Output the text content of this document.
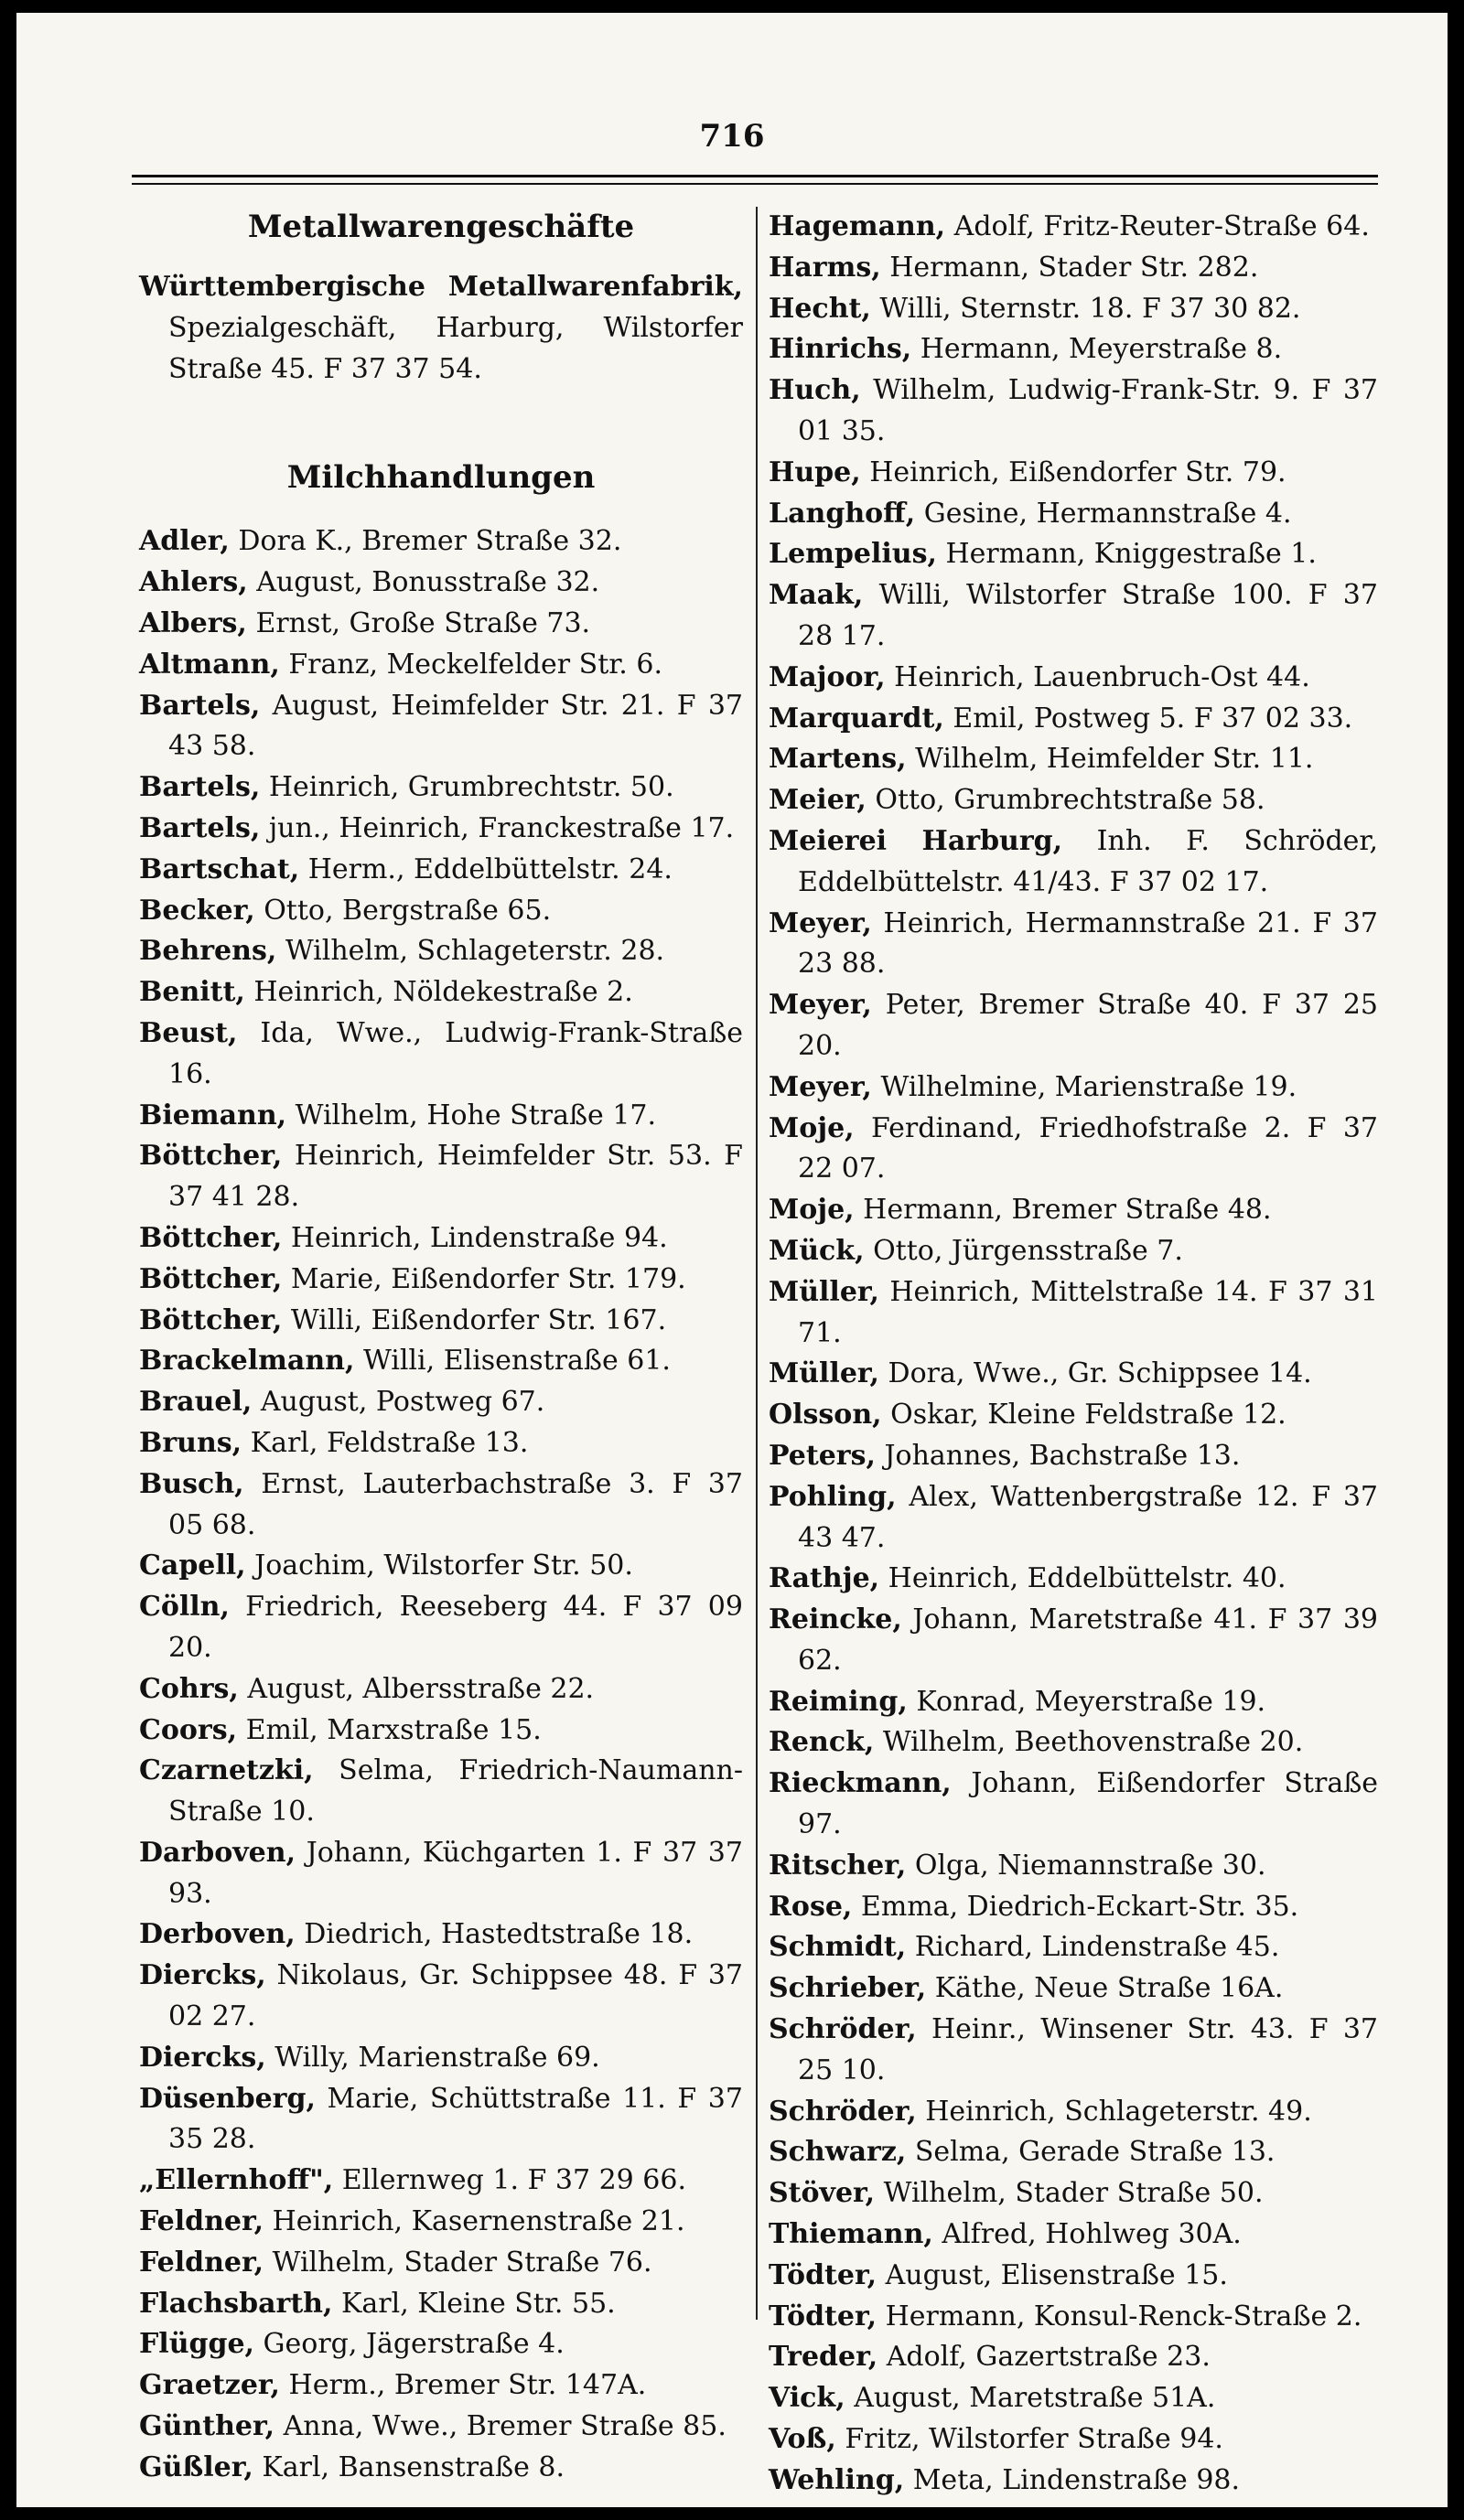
716
Metallwarengeschäfte
Württembergische Metallwarenfabrik, Spezialgeschäft, Harburg, Wilstorfer Straße 45. F 37 37 54.
Milchhandlungen
Adler, Dora K., Bremer Straße 32.
Ahlers, August, Bonusstraße 32.
Albers, Ernst, Große Straße 73.
Altmann, Franz, Meckelfelder Str. 6.
Bartels, August, Heimfelder Str. 21. F 37 43 58.
Bartels, Heinrich, Grumbrechtstr. 50.
Bartels, jun., Heinrich, Franckestraße 17.
Bartschat, Herm., Eddelbüttelstr. 24.
Becker, Otto, Bergstraße 65.
Behrens, Wilhelm, Schlageterstr. 28.
Benitt, Heinrich, Nöldekestraße 2.
Beust, Ida, Wwe., Ludwig-Frank-Straße 16.
Biemann, Wilhelm, Hohe Straße 17.
Böttcher, Heinrich, Heimfelder Str. 53. F 37 41 28.
Böttcher, Heinrich, Lindenstraße 94.
Böttcher, Marie, Eißendorfer Str. 179.
Böttcher, Willi, Eißendorfer Str. 167.
Brackelmann, Willi, Elisenstraße 61.
Brauel, August, Postweg 67.
Bruns, Karl, Feldstraße 13.
Busch, Ernst, Lauterbachstraße 3. F 37 05 68.
Capell, Joachim, Wilstorfer Str. 50.
Cölln, Friedrich, Reeseberg 44. F 37 09 20.
Cohrs, August, Albersstraße 22.
Coors, Emil, Marxstraße 15.
Czarnetzki, Selma, Friedrich-Naumann-Straße 10.
Darboven, Johann, Küchgarten 1. F 37 37 93.
Derboven, Diedrich, Hastedtstraße 18.
Diercks, Nikolaus, Gr. Schippsee 48. F 37 02 27.
Diercks, Willy, Marienstraße 69.
Düsenberg, Marie, Schüttstraße 11. F 37 35 28.
„Ellernhoff", Ellernweg 1. F 37 29 66.
Feldner, Heinrich, Kasernenstraße 21.
Feldner, Wilhelm, Stader Straße 76.
Flachsbarth, Karl, Kleine Str. 55.
Flügge, Georg, Jägerstraße 4.
Graetzer, Herm., Bremer Str. 147A.
Günther, Anna, Wwe., Bremer Straße 85.
Güßler, Karl, Bansenstraße 8.
Hagemann, Adolf, Fritz-Reuter-Straße 64.
Harms, Hermann, Stader Str. 282.
Hecht, Willi, Sternstr. 18. F 37 30 82.
Hinrichs, Hermann, Meyerstraße 8.
Huch, Wilhelm, Ludwig-Frank-Str. 9. F 37 01 35.
Hupe, Heinrich, Eißendorfer Str. 79.
Langhoff, Gesine, Hermannstraße 4.
Lempelius, Hermann, Kniggestraße 1.
Maak, Willi, Wilstorfer Straße 100. F 37 28 17.
Majoor, Heinrich, Lauenbruch-Ost 44.
Marquardt, Emil, Postweg 5. F 37 02 33.
Martens, Wilhelm, Heimfelder Str. 11.
Meier, Otto, Grumbrechtstraße 58.
Meierei Harburg, Inh. F. Schröder, Eddelbüttelstr. 41/43. F 37 02 17.
Meyer, Heinrich, Hermannstraße 21. F 37 23 88.
Meyer, Peter, Bremer Straße 40. F 37 25 20.
Meyer, Wilhelmine, Marienstraße 19.
Moje, Ferdinand, Friedhofstraße 2. F 37 22 07.
Moje, Hermann, Bremer Straße 48.
Mück, Otto, Jürgensstraße 7.
Müller, Heinrich, Mittelstraße 14. F 37 31 71.
Müller, Dora, Wwe., Gr. Schippsee 14.
Olsson, Oskar, Kleine Feldstraße 12.
Peters, Johannes, Bachstraße 13.
Pohling, Alex, Wattenbergstraße 12. F 37 43 47.
Rathje, Heinrich, Eddelbüttelstr. 40.
Reincke, Johann, Maretstraße 41. F 37 39 62.
Reiming, Konrad, Meyerstraße 19.
Renck, Wilhelm, Beethovenstraße 20.
Rieckmann, Johann, Eißendorfer Straße 97.
Ritscher, Olga, Niemannstraße 30.
Rose, Emma, Diedrich-Eckart-Str. 35.
Schmidt, Richard, Lindenstraße 45.
Schrieber, Käthe, Neue Straße 16A.
Schröder, Heinr., Winsener Str. 43. F 37 25 10.
Schröder, Heinrich, Schlageterstr. 49.
Schwarz, Selma, Gerade Straße 13.
Stöver, Wilhelm, Stader Straße 50.
Thiemann, Alfred, Hohlweg 30A.
Tödter, August, Elisenstraße 15.
Tödter, Hermann, Konsul-Renck-Straße 2.
Treder, Adolf, Gazertstraße 23.
Vick, August, Maretstraße 51A.
Voß, Fritz, Wilstorfer Straße 94.
Wehling, Meta, Lindenstraße 98.
